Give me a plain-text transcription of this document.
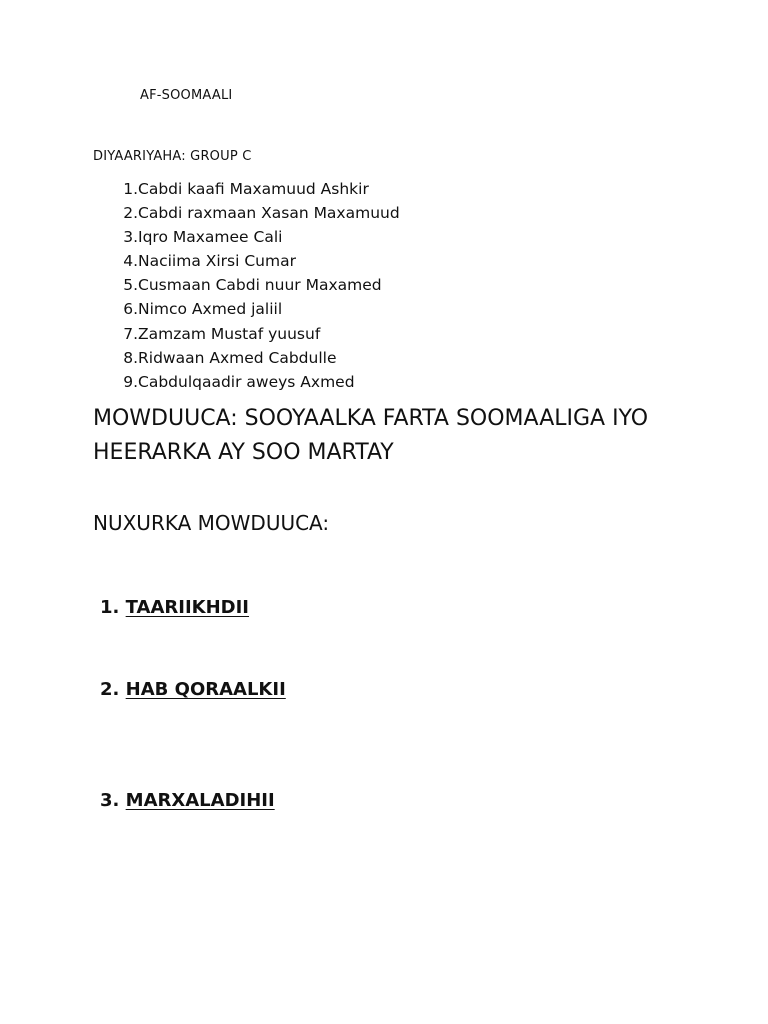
AF-SOOMAALI
DIYAARIYAHA: GROUP C
1.Cabdi kaafi Maxamuud Ashkir
2.Cabdi raxmaan Xasan Maxamuud
3.Iqro Maxamee Cali
4.Naciima Xirsi Cumar
5.Cusmaan Cabdi nuur Maxamed
6.Nimco Axmed jaliil
7.Zamzam Mustaf yuusuf
8.Ridwaan Axmed Cabdulle
9.Cabdulqaadir aweys Axmed
MOWDUUCA: SOOYAALKA FARTA SOOMAALIGA IYO HEERARKA AY SOO MARTAY
NUXURKA MOWDUUCA:
1. TAARIIKHDII
2. HAB QORAALKII
3. MARXALADIHII
